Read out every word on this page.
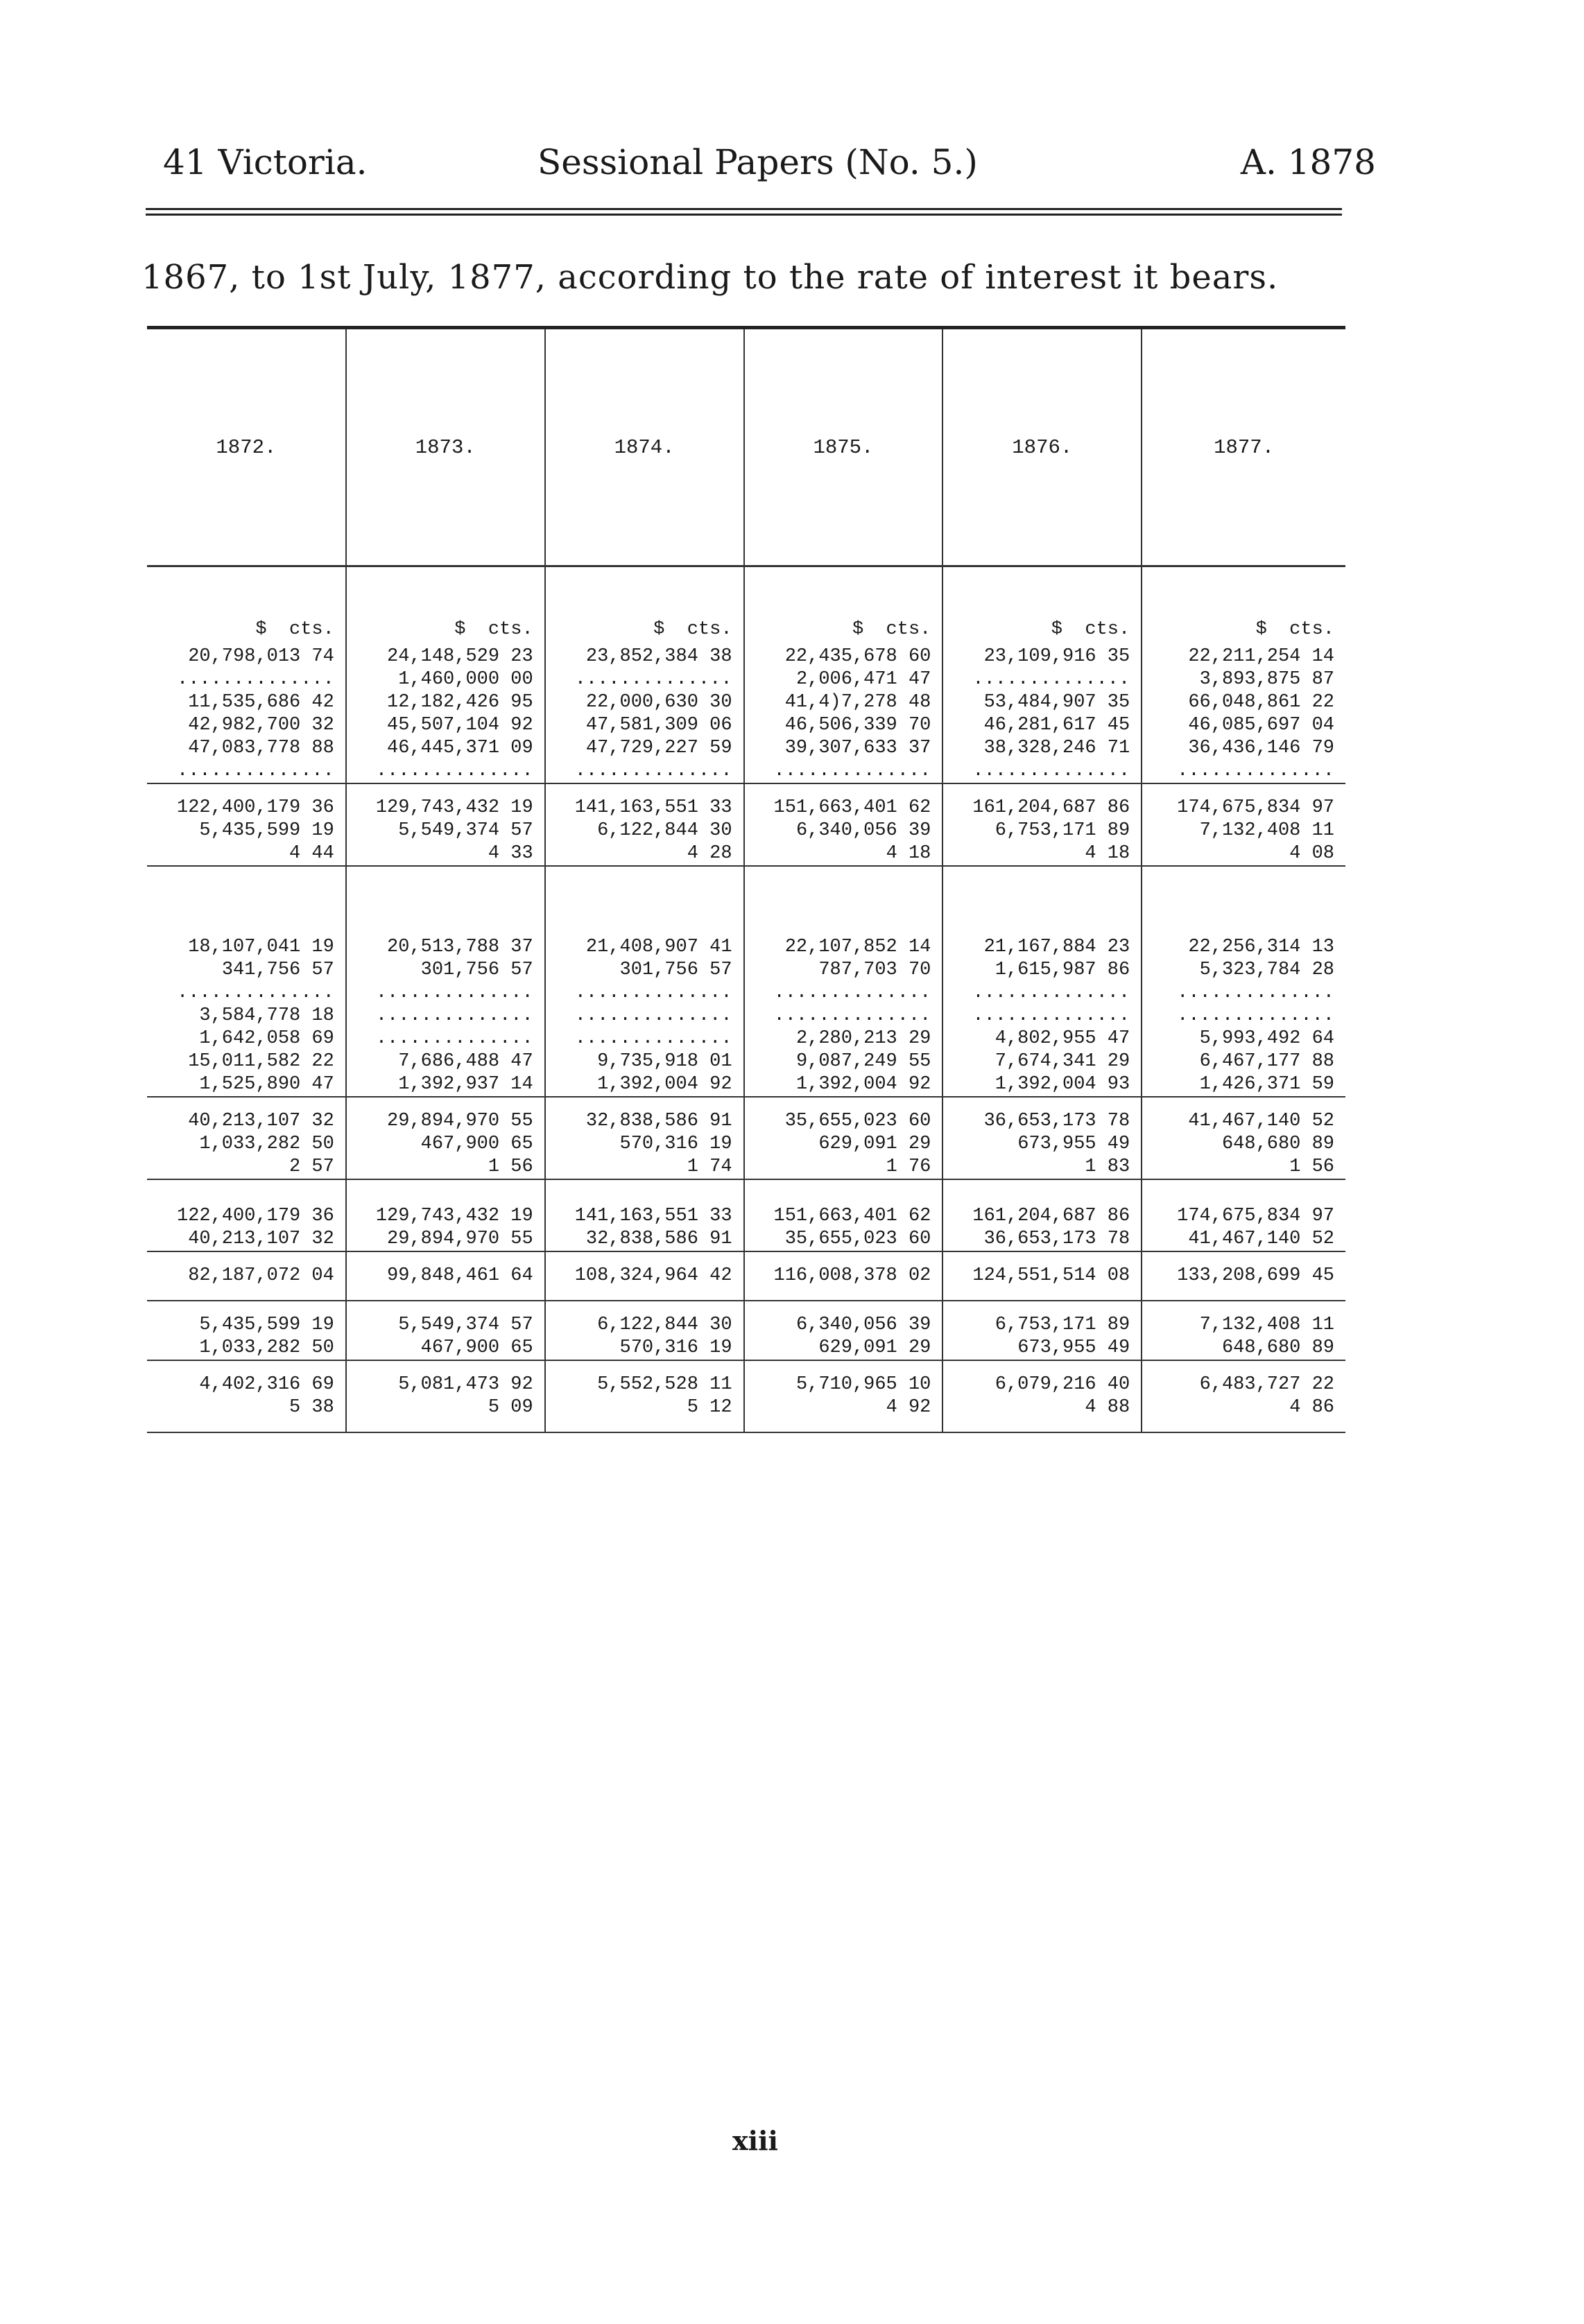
41 Victoria.	Sessional Papers (No. 5.)	A. 1878
1867, to 1st July, 1877, according to the rate of interest it bears.
1872.	1873.	1874.	1875.	1876.	1877.
$  cts.	$  cts.	$  cts.	$  cts.	$  cts.	$  cts.
20,798,013 74	24,148,529 23	23,852,384 38	22,435,678 60	23,109,916 35	22,211,254 14
..............	1,460,000 00	..............	2,006,471 47	..............	3,893,875 87
11,535,686 42	12,182,426 95	22,000,630 30	41,4)7,278 48	53,484,907 35	66,048,861 22
42,982,700 32	45,507,104 92	47,581,309 06	46,506,339 70	46,281,617 45	46,085,697 04
47,083,778 88	46,445,371 09	47,729,227 59	39,307,633 37	38,328,246 71	36,436,146 79
..............	..............	..............	..............	..............	..............

122,400,179 36	129,743,432 19	141,163,551 33	151,663,401 62	161,204,687 86	174,675,834 97
5,435,599 19	5,549,374 57	6,122,844 30	6,340,056 39	6,753,171 89	7,132,408 11
4 44	4 33	4 28	4 18	4 18	4 08

18,107,041 19	20,513,788 37	21,408,907 41	22,107,852 14	21,167,884 23	22,256,314 13
341,756 57	301,756 57	301,756 57	787,703 70	1,615,987 86	5,323,784 28
..............	..............	..............	..............	..............	..............
3,584,778 18	..............	..............	..............	..............	..............
1,642,058 69	..............	..............	2,280,213 29	4,802,955 47	5,993,492 64
15,011,582 22	7,686,488 47	9,735,918 01	9,087,249 55	7,674,341 29	6,467,177 88
1,525,890 47	1,392,937 14	1,392,004 92	1,392,004 92	1,392,004 93	1,426,371 59

40,213,107 32	29,894,970 55	32,838,586 91	35,655,023 60	36,653,173 78	41,467,140 52
1,033,282 50	467,900 65	570,316 19	629,091 29	673,955 49	648,680 89
2 57	1 56	1 74	1 76	1 83	1 56

122,400,179 36	129,743,432 19	141,163,551 33	151,663,401 62	161,204,687 86	174,675,834 97
40,213,107 32	29,894,970 55	32,838,586 91	35,655,023 60	36,653,173 78	41,467,140 52

82,187,072 04	99,848,461 64	108,324,964 42	116,008,378 02	124,551,514 08	133,208,699 45

5,435,599 19	5,549,374 57	6,122,844 30	6,340,056 39	6,753,171 89	7,132,408 11
1,033,282 50	467,900 65	570,316 19	629,091 29	673,955 49	648,680 89

4,402,316 69	5,081,473 92	5,552,528 11	5,710,965 10	6,079,216 40	6,483,727 22
5 38	5 09	5 12	4 92	4 88	4 86

xiii
